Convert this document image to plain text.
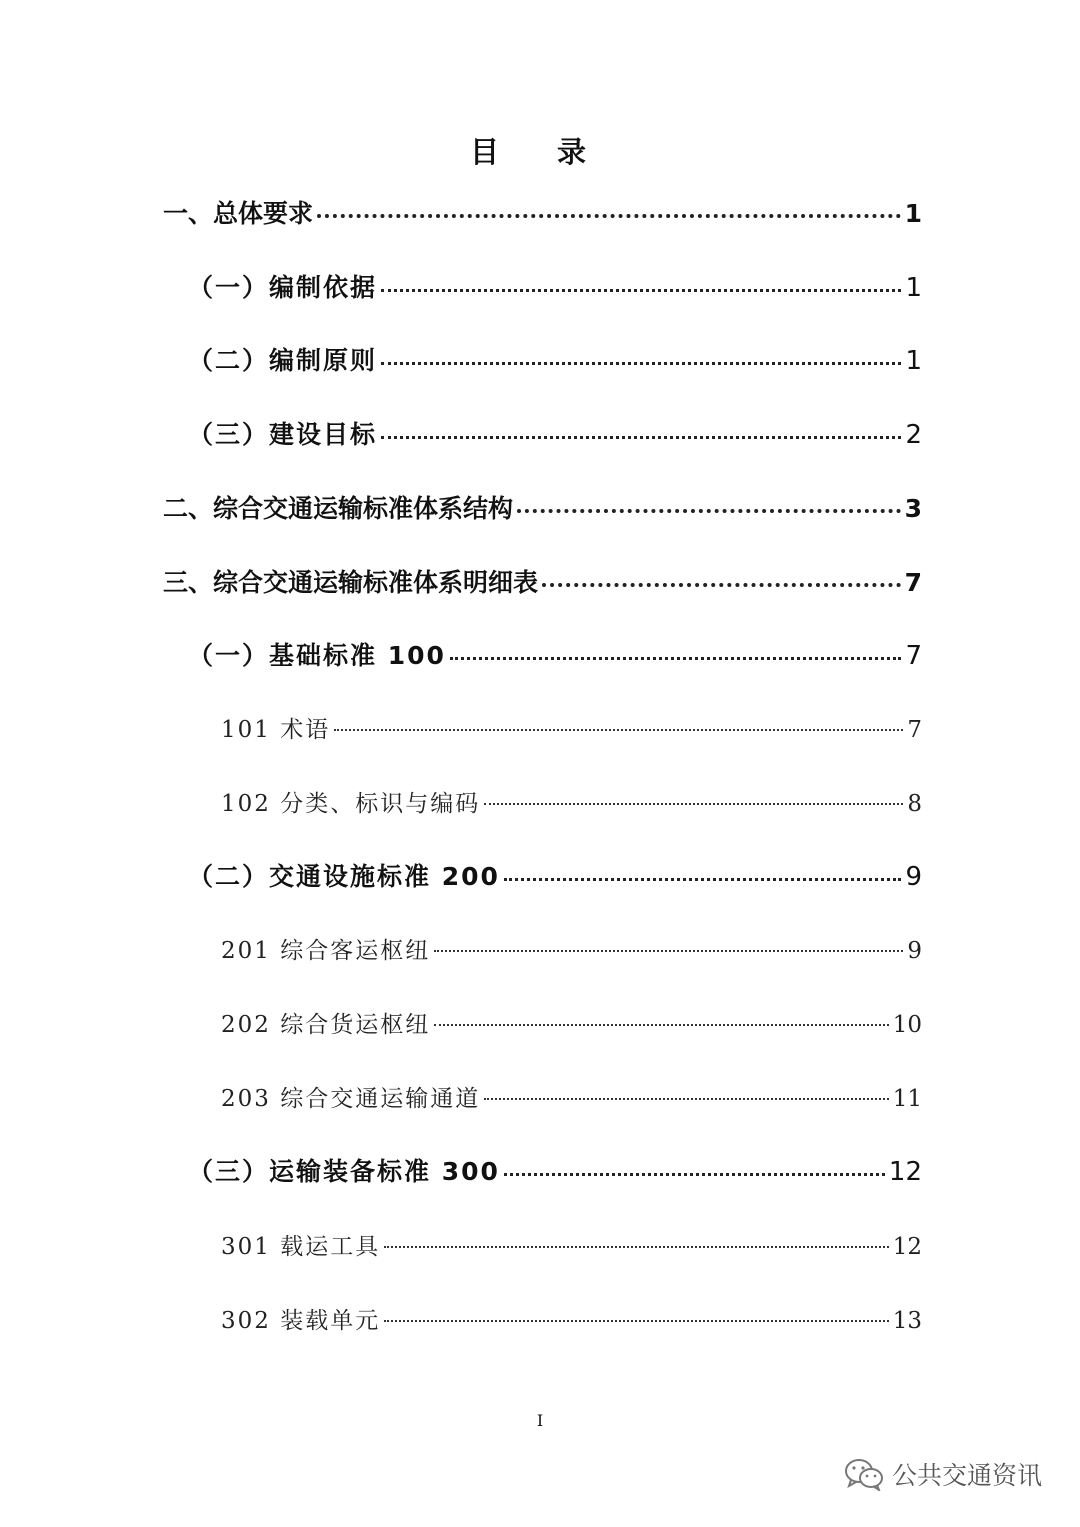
目 录
一、总体要求	1
（一）编制依据	1
（二）编制原则	1
（三）建设目标	2
二、综合交通运输标准体系结构	3
三、综合交通运输标准体系明细表	7
（一）基础标准 100	7
101 术语	7
102 分类、标识与编码	8
（二）交通设施标准 200	9
201 综合客运枢纽	9
202 综合货运枢纽	10
203 综合交通运输通道	11
（三）运输装备标准 300	12
301 载运工具	12
302 装载单元	13
I
公共交通资讯
